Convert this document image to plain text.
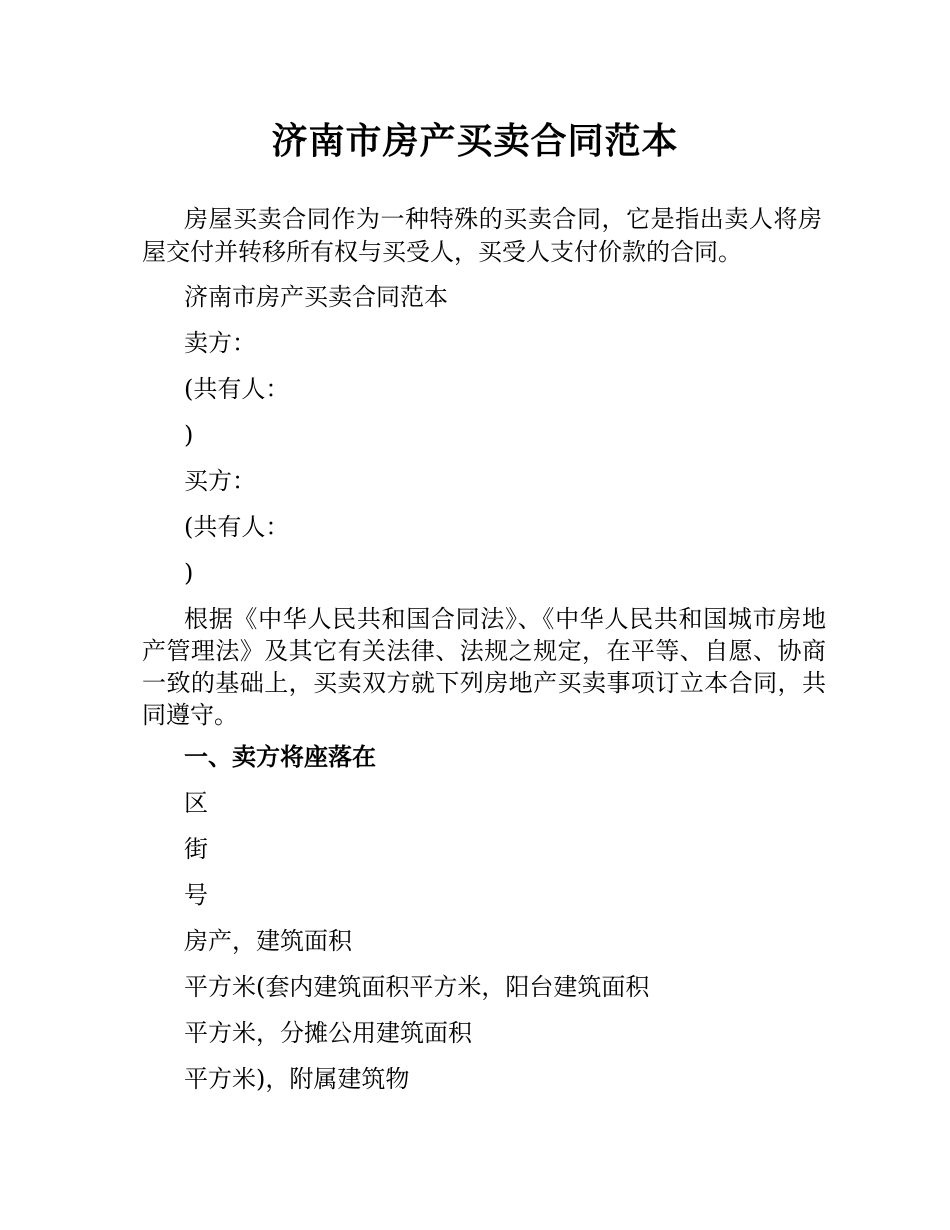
济南市房产买卖合同范本
房屋买卖合同作为一种特殊的买卖合同，它是指出卖人将房屋交付并转移所有权与买受人，买受人支付价款的合同。
济南市房产买卖合同范本
卖方：
(共有人：
)
买方：
(共有人：
)
根据《中华人民共和国合同法》、《中华人民共和国城市房地产管理法》及其它有关法律、法规之规定，在平等、自愿、协商一致的基础上，买卖双方就下列房地产买卖事项订立本合同，共同遵守。
一、卖方将座落在
区
街
号
房产，建筑面积
平方米(套内建筑面积平方米，阳台建筑面积
平方米，分摊公用建筑面积
平方米)，附属建筑物
